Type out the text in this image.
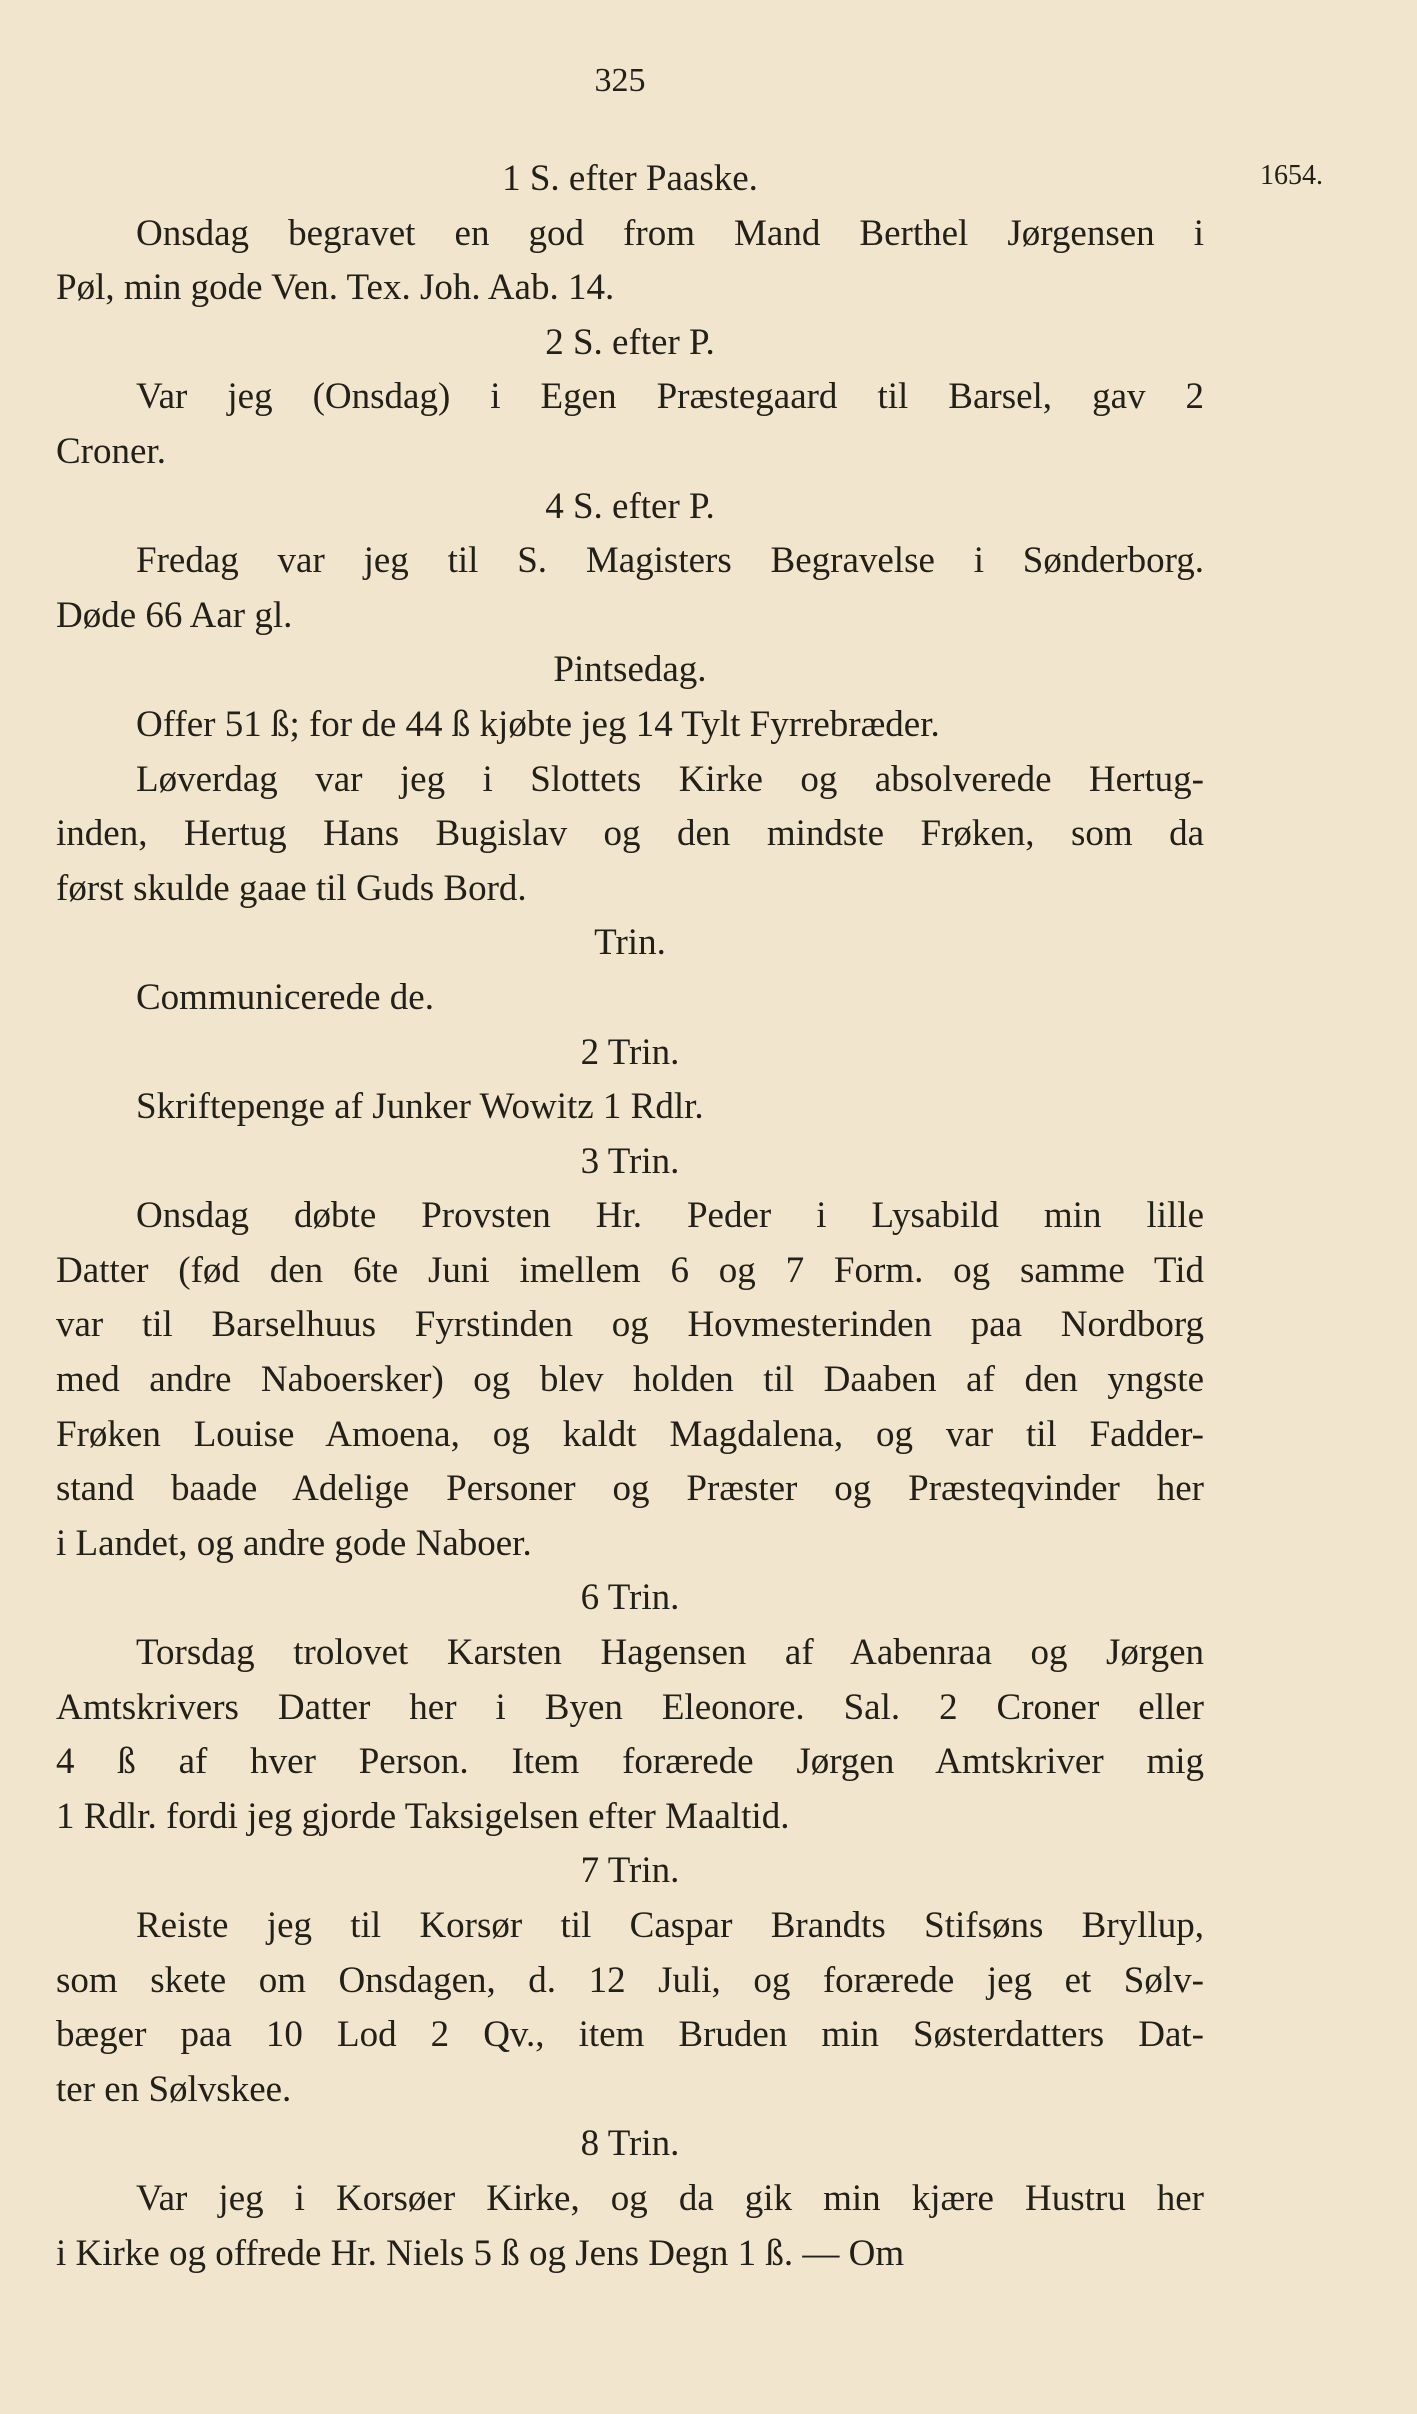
325
1654.
1 S. efter Paaske.
Onsdag begravet en god from Mand Berthel Jørgensen i
Pøl, min gode Ven. Tex. Joh. Aab. 14.
2 S. efter P.
Var jeg (Onsdag) i Egen Præstegaard til Barsel, gav 2
Croner.
4 S. efter P.
Fredag var jeg til S. Magisters Begravelse i Sønderborg.
Døde 66 Aar gl.
Pintsedag.
Offer 51 ß; for de 44 ß kjøbte jeg 14 Tylt Fyrrebræder.
Løverdag var jeg i Slottets Kirke og absolverede Hertug-
inden, Hertug Hans Bugislav og den mindste Frøken, som da
først skulde gaae til Guds Bord.
Trin.
Communicerede de.
2 Trin.
Skriftepenge af Junker Wowitz 1 Rdlr.
3 Trin.
Onsdag døbte Provsten Hr. Peder i Lysabild min lille
Datter (fød den 6te Juni imellem 6 og 7 Form. og samme Tid
var til Barselhuus Fyrstinden og Hovmesterinden paa Nordborg
med andre Naboersker) og blev holden til Daaben af den yngste
Frøken Louise Amoena, og kaldt Magdalena, og var til Fadder-
stand baade Adelige Personer og Præster og Præsteqvinder her
i Landet, og andre gode Naboer.
6 Trin.
Torsdag trolovet Karsten Hagensen af Aabenraa og Jørgen
Amtskrivers Datter her i Byen Eleonore. Sal. 2 Croner eller
4 ß af hver Person. Item forærede Jørgen Amtskriver mig
1 Rdlr. fordi jeg gjorde Taksigelsen efter Maaltid.
7 Trin.
Reiste jeg til Korsør til Caspar Brandts Stifsøns Bryllup,
som skete om Onsdagen, d. 12 Juli, og forærede jeg et Sølv-
bæger paa 10 Lod 2 Qv., item Bruden min Søsterdatters Dat-
ter en Sølvskee.
8 Trin.
Var jeg i Korsøer Kirke, og da gik min kjære Hustru her
i Kirke og offrede Hr. Niels 5 ß og Jens Degn 1 ß. — Om
